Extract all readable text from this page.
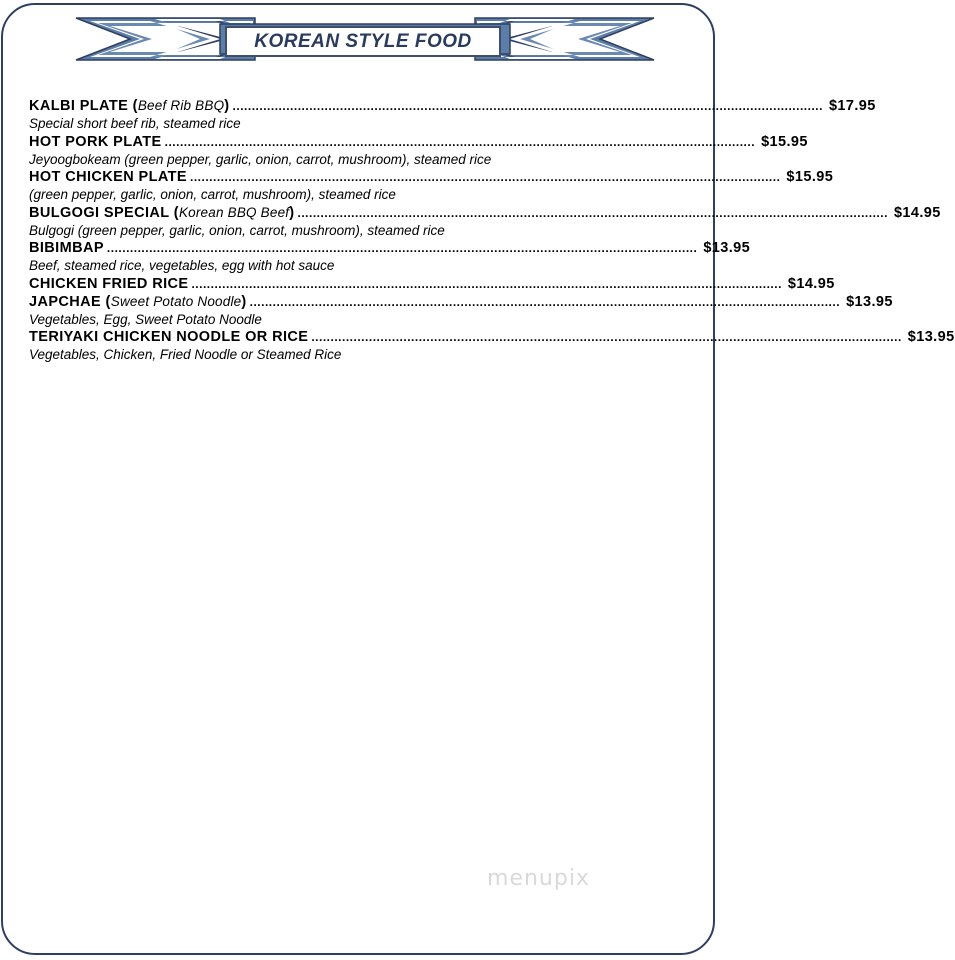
KOREAN STYLE FOOD
KALBI PLATE (Beef Rib BBQ) .......................................................................................................................................................... $17.95
Special short beef rib, steamed rice
HOT PORK PLATE .......................................................................................................................................................... $15.95
Jeyoogbokeam (green pepper, garlic, onion, carrot, mushroom), steamed rice
HOT CHICKEN PLATE .......................................................................................................................................................... $15.95
(green pepper, garlic, onion, carrot, mushroom), steamed rice
BULGOGI SPECIAL (Korean BBQ Beef) .......................................................................................................................................................... $14.95
Bulgogi (green pepper, garlic, onion, carrot, mushroom), steamed rice
BIBIMBAP .......................................................................................................................................................... $13.95
Beef, steamed rice, vegetables, egg with hot sauce
CHICKEN FRIED RICE .......................................................................................................................................................... $14.95
JAPCHAE (Sweet Potato Noodle) .......................................................................................................................................................... $13.95
Vegetables, Egg, Sweet Potato Noodle
TERIYAKI CHICKEN NOODLE OR RICE .......................................................................................................................................................... $13.95
Vegetables, Chicken, Fried Noodle or Steamed Rice
menupix
